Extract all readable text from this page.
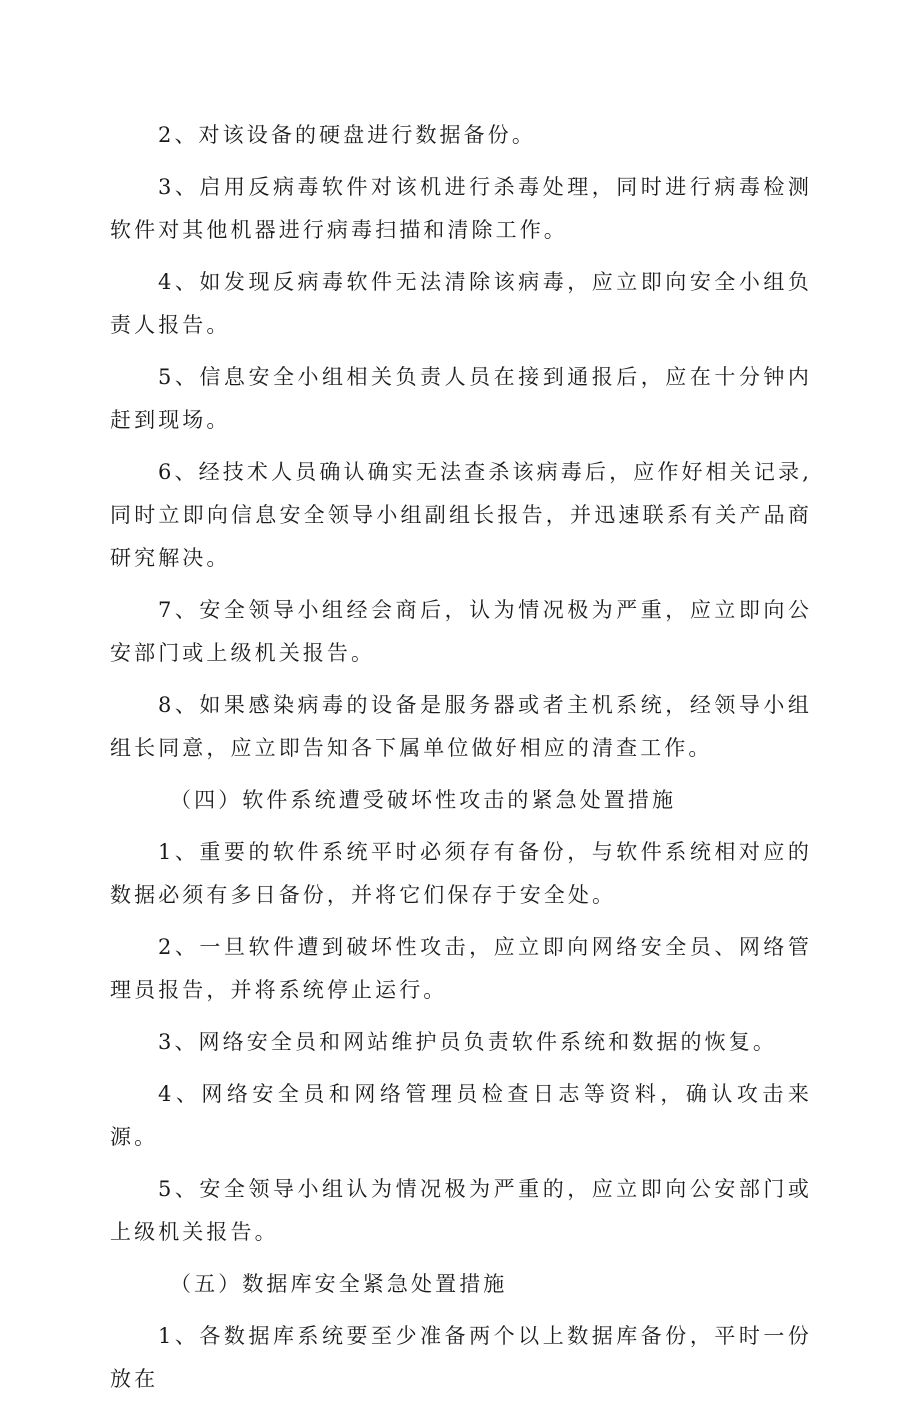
2、对该设备的硬盘进行数据备份。

3、启用反病毒软件对该机进行杀毒处理，同时进行病毒检测软件对其他机器进行病毒扫描和清除工作。

4、如发现反病毒软件无法清除该病毒，应立即向安全小组负责人报告。

5、信息安全小组相关负责人员在接到通报后，应在十分钟内赶到现场。

6、经技术人员确认确实无法查杀该病毒后，应作好相关记录,同时立即向信息安全领导小组副组长报告，并迅速联系有关产品商研究解决。

7、安全领导小组经会商后，认为情况极为严重，应立即向公安部门或上级机关报告。

8、如果感染病毒的设备是服务器或者主机系统，经领导小组组长同意，应立即告知各下属单位做好相应的清查工作。

（四）软件系统遭受破坏性攻击的紧急处置措施

1、重要的软件系统平时必须存有备份，与软件系统相对应的数据必须有多日备份，并将它们保存于安全处。

2、一旦软件遭到破坏性攻击，应立即向网络安全员、网络管理员报告，并将系统停止运行。

3、网络安全员和网站维护员负责软件系统和数据的恢复。

4、网络安全员和网络管理员检查日志等资料，确认攻击来源。

5、安全领导小组认为情况极为严重的，应立即向公安部门或上级机关报告。

（五）数据库安全紧急处置措施

1、各数据库系统要至少准备两个以上数据库备份，平时一份放在
